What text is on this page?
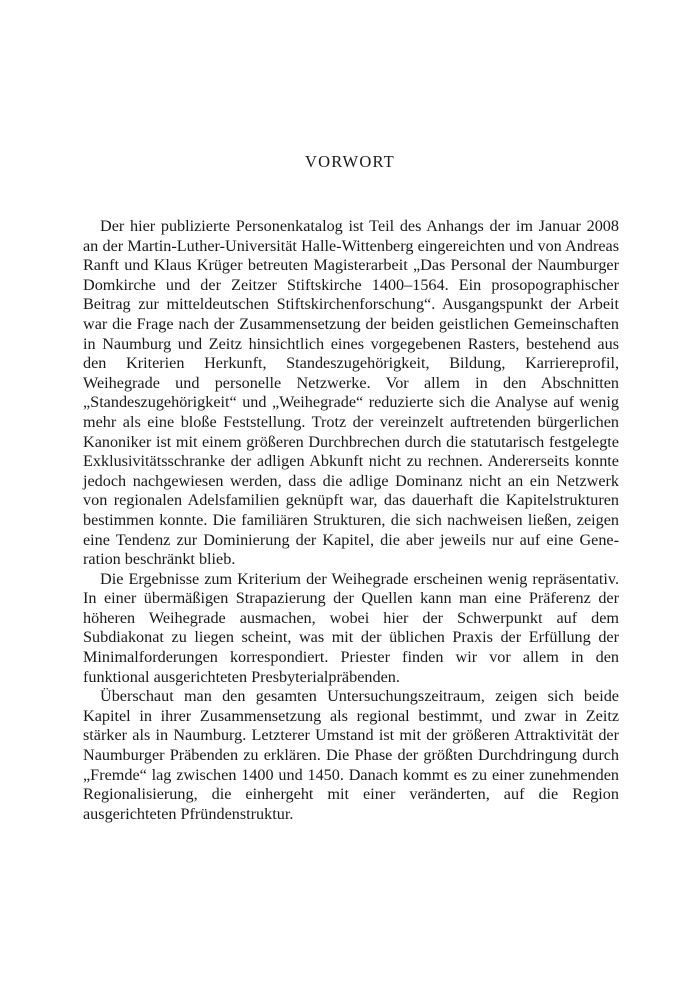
VORWORT

Der hier publizierte Personenkatalog ist Teil des Anhangs der im Januar 2008 an der Martin-Luther-Universität Halle-Wittenberg eingereichten und von Andreas Ranft und Klaus Krüger betreuten Magisterarbeit „Das Personal der Naumburger Domkirche und der Zeitzer Stiftskirche 1400–1564. Ein prosopographischer Beitrag zur mitteldeutschen Stiftskirchenforschung“. Ausgangspunkt der Arbeit war die Frage nach der Zusammensetzung der beiden geistlichen Gemeinschaften in Naumburg und Zeitz hinsichtlich eines vorgegebenen Rasters, bestehend aus den Kriterien Herkunft, Standeszugehörigkeit, Bildung, Karriereprofil, Weihegrade und personelle Netzwerke. Vor allem in den Abschnitten „Standeszugehörigkeit“ und „Weihegrade“ reduzierte sich die Analyse auf wenig mehr als eine bloße Feststellung. Trotz der vereinzelt auftretenden bürgerlichen Kanoniker ist mit einem größeren Durchbrechen durch die statutarisch festgelegte Exklusivitätsschranke der adligen Abkunft nicht zu rechnen. Andererseits konnte jedoch nachgewiesen werden, dass die adlige Dominanz nicht an ein Netzwerk von regionalen Adelsfamilien geknüpft war, das dauerhaft die Kapitelstrukturen bestimmen konnte. Die familiären Strukturen, die sich nachweisen ließen, zeigen eine Tendenz zur Dominierung der Kapitel, die aber jeweils nur auf eine Generation beschränkt blieb.

Die Ergebnisse zum Kriterium der Weihegrade erscheinen wenig repräsentativ. In einer übermäßigen Strapazierung der Quellen kann man eine Präferenz der höheren Weihegrade ausmachen, wobei hier der Schwerpunkt auf dem Subdiakonat zu liegen scheint, was mit der üblichen Praxis der Erfüllung der Minimalforderungen korrespondiert. Priester finden wir vor allem in den funktional ausgerichteten Presbyterialpräbenden.

Überschaut man den gesamten Untersuchungszeitraum, zeigen sich beide Kapitel in ihrer Zusammensetzung als regional bestimmt, und zwar in Zeitz stärker als in Naumburg. Letzterer Umstand ist mit der größeren Attraktivität der Naumburger Präbenden zu erklären. Die Phase der größten Durchdringung durch „Fremde“ lag zwischen 1400 und 1450. Danach kommt es zu einer zunehmenden Regionalisierung, die einhergeht mit einer veränderten, auf die Region ausgerichteten Pfründenstruktur.
